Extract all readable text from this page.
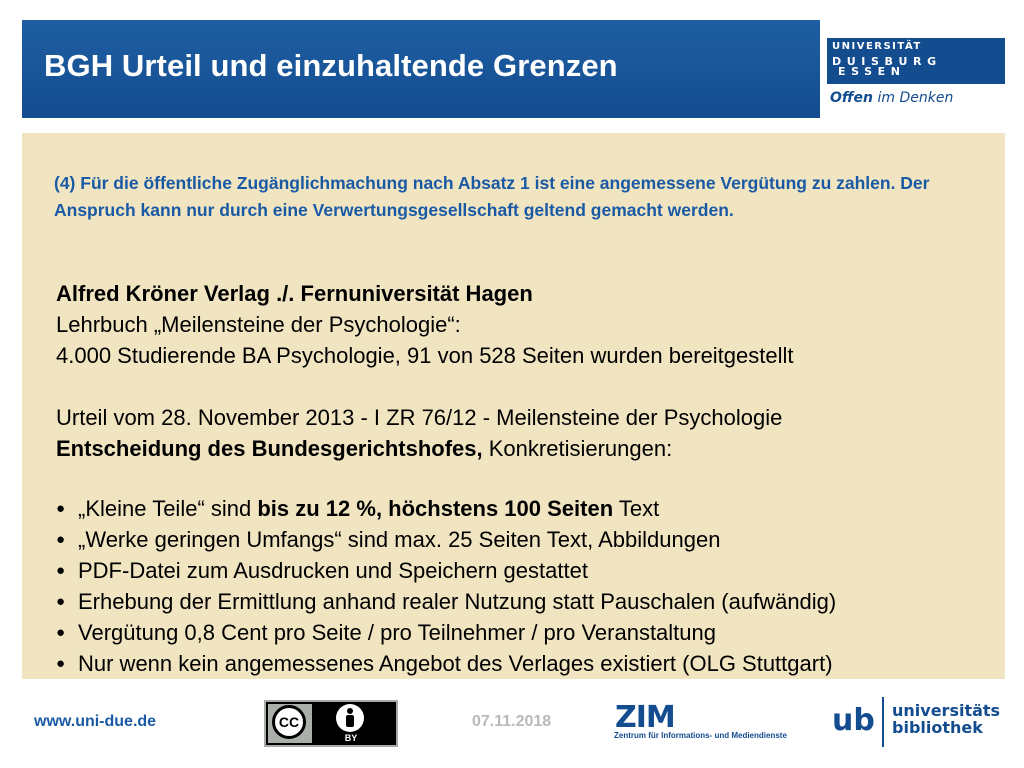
BGH Urteil und einzuhaltende Grenzen
UNIVERSITÄT
DUISBURG
ESSEN
Offen im Denken
(4) Für die öffentliche Zugänglichmachung nach Absatz 1 ist eine angemessene Vergütung zu zahlen. Der Anspruch kann nur durch eine Verwertungsgesellschaft geltend gemacht werden.
Alfred Kröner Verlag ./. Fernuniversität Hagen
Lehrbuch „Meilensteine der Psychologie“:
4.000 Studierende BA Psychologie, 91 von 528 Seiten wurden bereitgestellt
Urteil vom 28. November 2013 - I ZR 76/12 - Meilensteine der Psychologie
Entscheidung des Bundesgerichtshofes, Konkretisierungen:
● „Kleine Teile“ sind bis zu 12 %, höchstens 100 Seiten Text
● „Werke geringen Umfangs“ sind max. 25 Seiten Text, Abbildungen
● PDF-Datei zum Ausdrucken und Speichern gestattet
● Erhebung der Ermittlung anhand realer Nutzung statt Pauschalen (aufwändig)
● Vergütung 0,8 Cent pro Seite / pro Teilnehmer / pro Veranstaltung
● Nur wenn kein angemessenes Angebot des Verlages existiert (OLG Stuttgart)
www.uni-due.de	CC
BY
07.11.2018 ZIM
Zentrum für Informations- und Mediendienste ub universitäts
bibliothek
